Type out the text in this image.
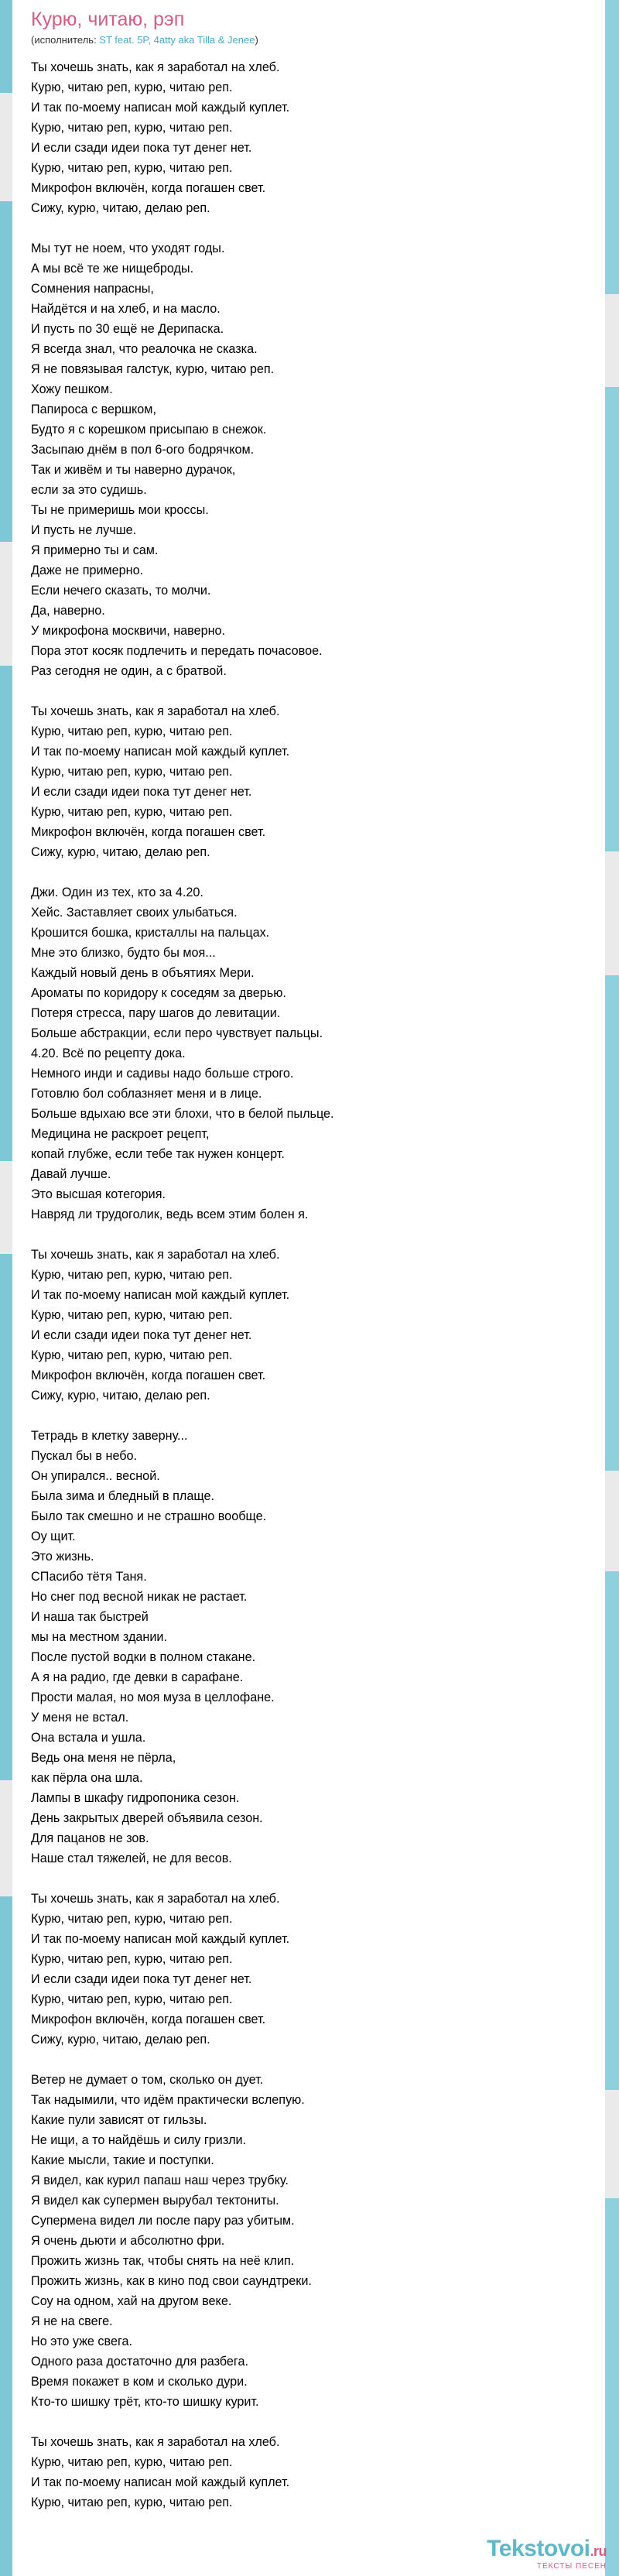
Курю, читаю, рэп
(исполнитель: ST feat. 5P, 4atty aka Tilla & Jenee)
Ты хочешь знать, как я заработал на хлеб.
Курю, читаю реп, курю, читаю реп.
И так по-моему написан мой каждый куплет.
Курю, читаю реп, курю, читаю реп.
И если сзади идеи пока тут денег нет.
Курю, читаю реп, курю, читаю реп.
Микрофон включён, когда погашен свет.
Сижу, курю, читаю, делаю реп.
Мы тут не ноем, что уходят годы.
А мы всё те же нищеброды.
Сомнения напрасны,
Найдётся и на хлеб, и на масло.
И пусть по 30 ещё не Дерипаска.
Я всегда знал, что реалочка не сказка.
Я не повязывая галстук, курю, читаю реп.
Хожу пешком.
Папироса с вершком,
Будто я с корешком присыпаю в снежок.
Засыпаю днём в пол 6-ого бодрячком.
Так и живём и ты наверно дурачок,
если за это судишь.
Ты не примеришь мои кроссы.
И пусть не лучше.
Я примерно ты и сам.
Даже не примерно.
Если нечего сказать, то молчи.
Да, наверно.
У микрофона москвичи, наверно.
Пора этот косяк подлечить и передать почасовое.
Раз сегодня не один, а с братвой.
Ты хочешь знать, как я заработал на хлеб.
Курю, читаю реп, курю, читаю реп.
И так по-моему написан мой каждый куплет.
Курю, читаю реп, курю, читаю реп.
И если сзади идеи пока тут денег нет.
Курю, читаю реп, курю, читаю реп.
Микрофон включён, когда погашен свет.
Сижу, курю, читаю, делаю реп.
Джи. Один из тех, кто за 4.20.
Хейс. Заставляет своих улыбаться.
Крошится бошка, кристаллы на пальцах.
Мне это близко, будто бы моя...
Каждый новый день в объятиях Мери.
Ароматы по коридору к соседям за дверью.
Потеря стресса, пару шагов до левитации.
Больше абстракции, если перо чувствует пальцы.
4.20. Всё по рецепту дока.
Немного инди и садивы надо больше строго.
Готовлю бол соблазняет меня и в лице.
Больше вдыхаю все эти блохи, что в белой пыльце.
Медицина не раскроет рецепт,
копай глубже, если тебе так нужен концерт.
Давай лучше.
Это высшая котегория.
Навряд ли трудоголик, ведь всем этим болен я.
Ты хочешь знать, как я заработал на хлеб.
Курю, читаю реп, курю, читаю реп.
И так по-моему написан мой каждый куплет.
Курю, читаю реп, курю, читаю реп.
И если сзади идеи пока тут денег нет.
Курю, читаю реп, курю, читаю реп.
Микрофон включён, когда погашен свет.
Сижу, курю, читаю, делаю реп.
Тетрадь в клетку заверну...
Пускал бы в небо.
Он упирался.. весной.
Была зима и бледный в плаще.
Было так смешно и не страшно вообще.
Оу щит.
Это жизнь.
СПасибо тётя Таня.
Но снег под весной никак не растает.
И наша так быстрей
мы на местном здании.
После пустой водки в полном стакане.
А я на радио, где девки в сарафане.
Прости малая, но моя муза в целлофане.
У меня не встал.
Она встала и ушла.
Ведь она меня не пёрла,
как пёрла она шла.
Лампы в шкафу гидропоника сезон.
День закрытых дверей объявила сезон.
Для пацанов не зов.
Наше стал тяжелей, не для весов.
Ты хочешь знать, как я заработал на хлеб.
Курю, читаю реп, курю, читаю реп.
И так по-моему написан мой каждый куплет.
Курю, читаю реп, курю, читаю реп.
И если сзади идеи пока тут денег нет.
Курю, читаю реп, курю, читаю реп.
Микрофон включён, когда погашен свет.
Сижу, курю, читаю, делаю реп.
Ветер не думает о том, сколько он дует.
Так надымили, что идём практически вслепую.
Какие пули зависят от гильзы.
Не ищи, а то найдёшь и силу гризли.
Какие мысли, такие и поступки.
Я видел, как курил папаш наш через трубку.
Я видел как супермен вырубал тектониты.
Супермена видел ли после пару раз убитым.
Я очень дьюти и абсолютно фри.
Прожить жизнь так, чтобы снять на неё клип.
Прожить жизнь, как в кино под свои саундтреки.
Соу на одном, хай на другом веке.
Я не на свеге.
Но это уже свега.
Одного раза достаточно для разбега.
Время покажет в ком и сколько дури.
Кто-то шишку трёт, кто-то шишку курит.
Ты хочешь знать, как я заработал на хлеб.
Курю, читаю реп, курю, читаю реп.
И так по-моему написан мой каждый куплет.
Курю, читаю реп, курю, читаю реп.
Tekstovoi.ru
ТЕКСТЫ ПЕСЕН
